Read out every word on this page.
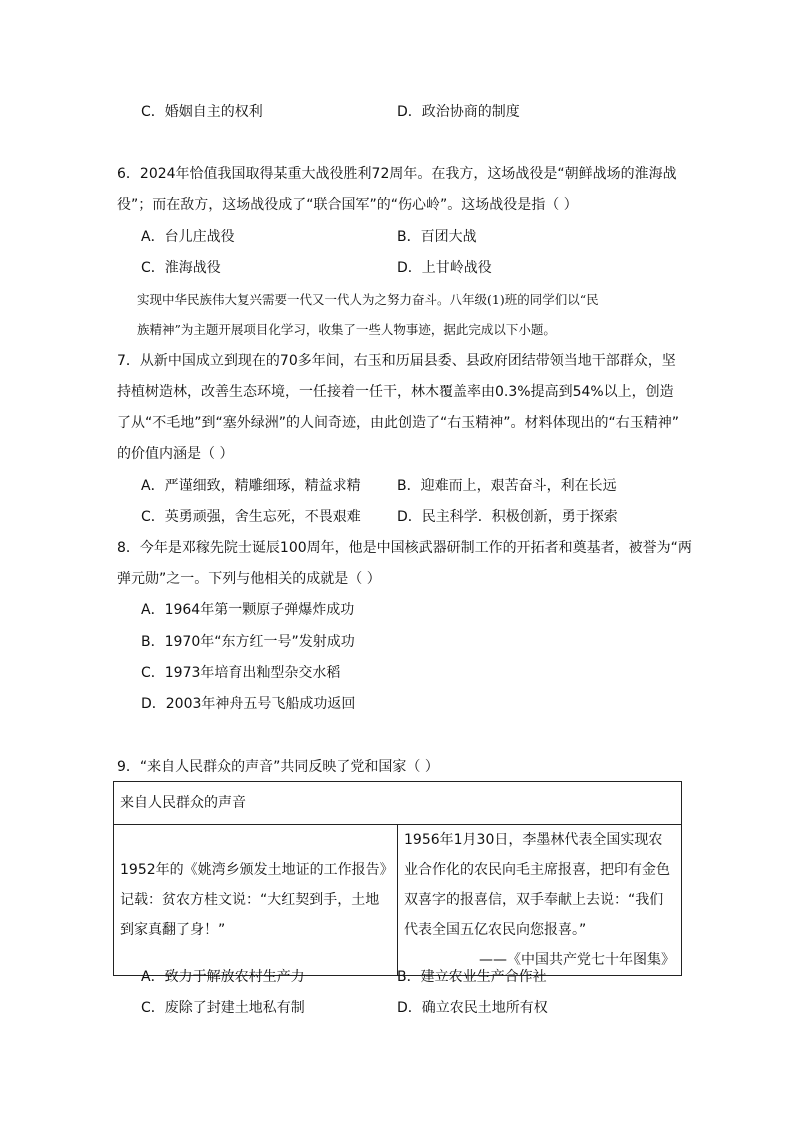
C．婚姻自主的权利	D．政治协商的制度
6．2024年恰值我国取得某重大战役胜利72周年。在我方，这场战役是“朝鲜战场的淮海战
役”；而在敌方，这场战役成了“联合国军”的“伤心岭”。这场战役是指（ ）
A．台儿庄战役	B．百团大战
C．淮海战役	D．上甘岭战役
实现中华民族伟大复兴需要一代又一代人为之努力奋斗。八年级(1)班的同学们以“民
族精神”为主题开展项目化学习，收集了一些人物事迹，据此完成以下小题。
7．从新中国成立到现在的70多年间，右玉和历届县委、县政府团结带领当地干部群众，坚
持植树造林，改善生态环境，一任接着一任干，林木覆盖率由0.3%提高到54%以上，创造
了从“不毛地”到“塞外绿洲”的人间奇迹，由此创造了“右玉精神”。材料体现出的“右玉精神”
的价值内涵是（ ）
A．严谨细致，精雕细琢，精益求精	B．迎难而上，艰苦奋斗，利在长远
C．英勇顽强，舍生忘死，不畏艰难	D．民主科学．积极创新，勇于探索
8．今年是邓稼先院士诞辰100周年，他是中国核武器研制工作的开拓者和奠基者，被誉为“两
弹元勋”之一。下列与他相关的成就是（ ）
A．1964年第一颗原子弹爆炸成功
B．1970年“东方红一号”发射成功
C．1973年培育出籼型杂交水稻
D．2003年神舟五号飞船成功返回
9．“来自人民群众的声音”共同反映了党和国家（ ）
来自人民群众的声音
1952年的《姚湾乡颁发土地证的工作报告》记载：贫农方桂文说：“大红契到手，土地到家真翻了身！”	1956年1月30日，李墨林代表全国实现农业合作化的农民向毛主席报喜，把印有金色双喜字的报喜信，双手奉献上去说：“我们代表全国五亿农民向您报喜。”
——《中国共产党七十年图集》
A．致力于解放农村生产力	B．建立农业生产合作社
C．废除了封建土地私有制	D．确立农民土地所有权
